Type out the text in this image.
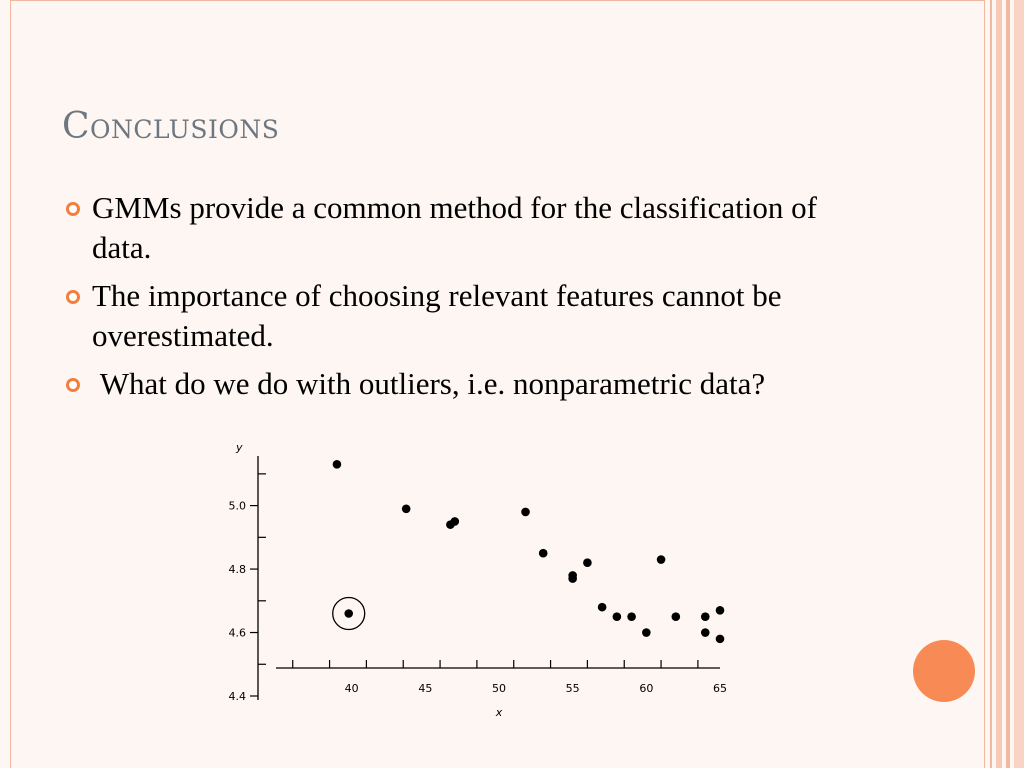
Conclusions
GMMs provide a common method for the classification of data.
The importance of choosing relevant features cannot be overestimated.
What do we do with outliers, i.e. nonparametric data?
4.4
4.6
4.8
5.0
40	45	50	55	60	65
y
x
